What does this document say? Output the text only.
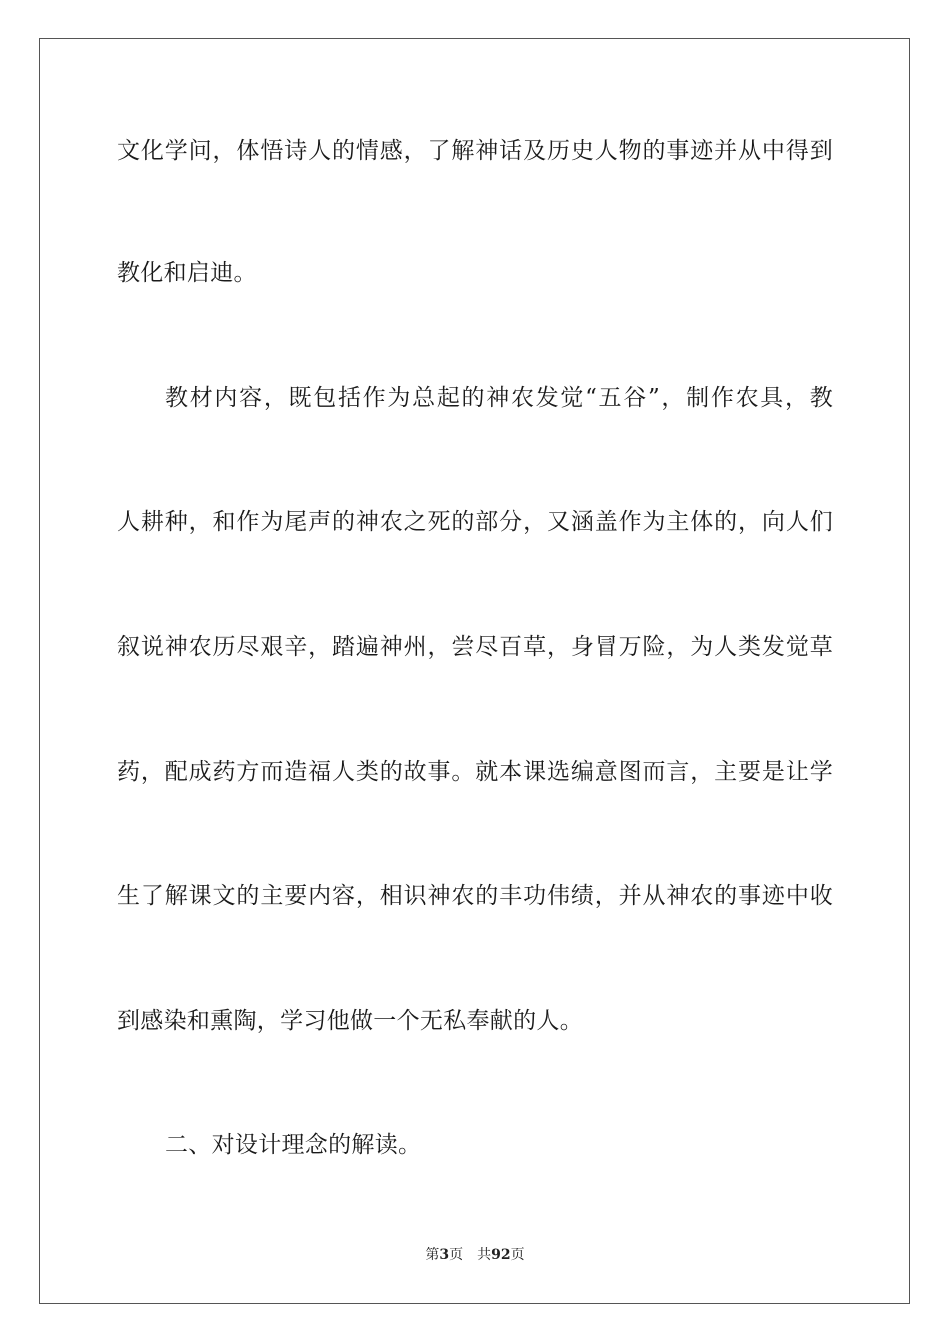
文化学问，体悟诗人的情感，了解神话及历史人物的事迹并从中得到
教化和启迪。
教材内容，既包括作为总起的神农发觉“五谷”，制作农具，教
人耕种，和作为尾声的神农之死的部分，又涵盖作为主体的，向人们
叙说神农历尽艰辛，踏遍神州，尝尽百草，身冒万险，为人类发觉草
药，配成药方而造福人类的故事。就本课选编意图而言，主要是让学
生了解课文的主要内容，相识神农的丰功伟绩，并从神农的事迹中收
到感染和熏陶，学习他做一个无私奉献的人。
二、对设计理念的解读。
第3页 共92页
